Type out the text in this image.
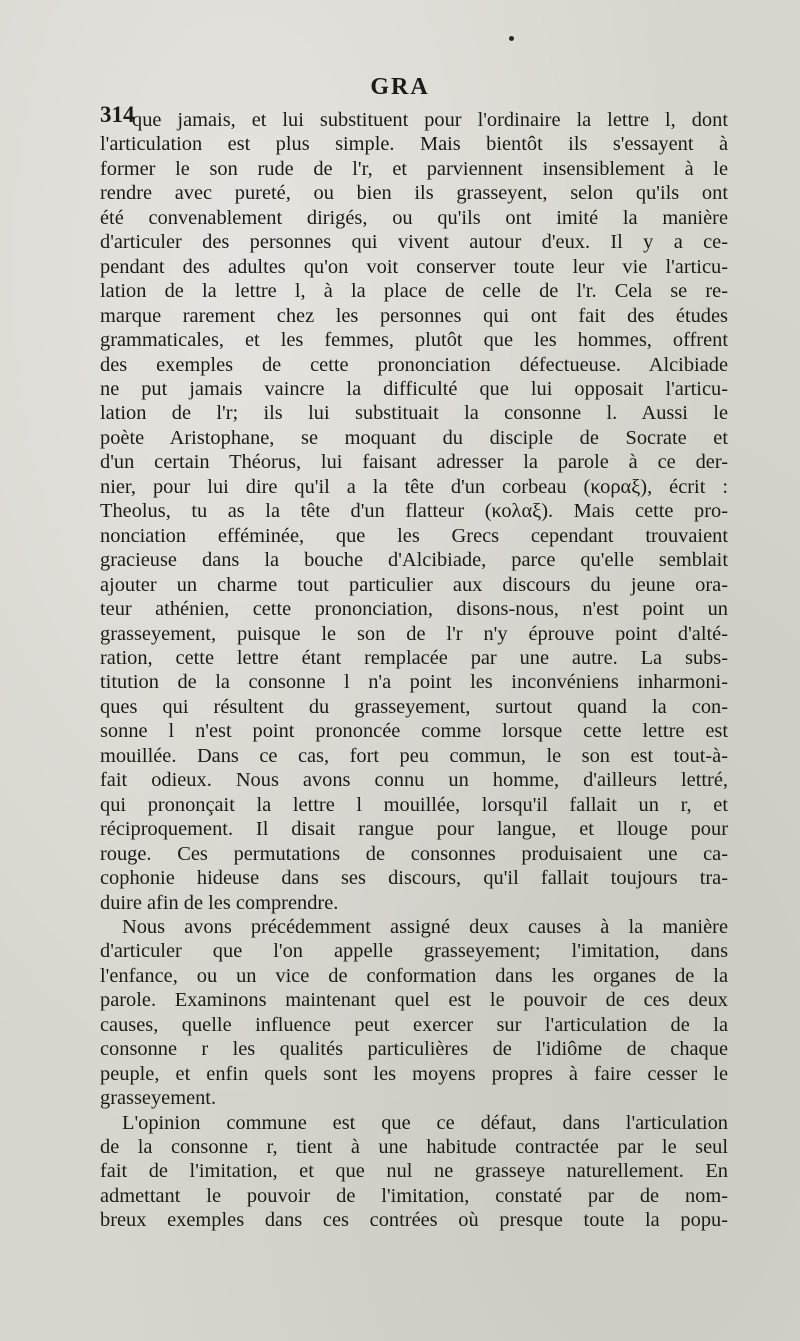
GRA
314
que jamais, et lui substituent pour l'ordinaire la lettre l, dont
l'articulation est plus simple. Mais bientôt ils s'essayent à
former le son rude de l'r, et parviennent insensiblement à le
rendre avec pureté, ou bien ils grasseyent, selon qu'ils ont
été convenablement dirigés, ou qu'ils ont imité la manière
d'articuler des personnes qui vivent autour d'eux. Il y a ce-
pendant des adultes qu'on voit conserver toute leur vie l'articu-
lation de la lettre l, à la place de celle de l'r. Cela se re-
marque rarement chez les personnes qui ont fait des études
grammaticales, et les femmes, plutôt que les hommes, offrent
des exemples de cette prononciation défectueuse. Alcibiade
ne put jamais vaincre la difficulté que lui opposait l'articu-
lation de l'r; ils lui substituait la consonne l. Aussi le
poète Aristophane, se moquant du disciple de Socrate et
d'un certain Théorus, lui faisant adresser la parole à ce der-
nier, pour lui dire qu'il a la tête d'un corbeau (κοραξ), écrit :
Theolus, tu as la tête d'un flatteur (κολαξ). Mais cette pro-
nonciation efféminée, que les Grecs cependant trouvaient
gracieuse dans la bouche d'Alcibiade, parce qu'elle semblait
ajouter un charme tout particulier aux discours du jeune ora-
teur athénien, cette prononciation, disons-nous, n'est point un
grasseyement, puisque le son de l'r n'y éprouve point d'alté-
ration, cette lettre étant remplacée par une autre. La subs-
titution de la consonne l n'a point les inconvéniens inharmoni-
ques qui résultent du grasseyement, surtout quand la con-
sonne l n'est point prononcée comme lorsque cette lettre est
mouillée. Dans ce cas, fort peu commun, le son est tout-à-
fait odieux. Nous avons connu un homme, d'ailleurs lettré,
qui prononçait la lettre l mouillée, lorsqu'il fallait un r, et
réciproquement. Il disait rangue pour langue, et llouge pour
rouge. Ces permutations de consonnes produisaient une ca-
cophonie hideuse dans ses discours, qu'il fallait toujours tra-
duire afin de les comprendre.
Nous avons précédemment assigné deux causes à la manière
d'articuler que l'on appelle grasseyement; l'imitation, dans
l'enfance, ou un vice de conformation dans les organes de la
parole. Examinons maintenant quel est le pouvoir de ces deux
causes, quelle influence peut exercer sur l'articulation de la
consonne r les qualités particulières de l'idiôme de chaque
peuple, et enfin quels sont les moyens propres à faire cesser le
grasseyement.
L'opinion commune est que ce défaut, dans l'articulation
de la consonne r, tient à une habitude contractée par le seul
fait de l'imitation, et que nul ne grasseye naturellement. En
admettant le pouvoir de l'imitation, constaté par de nom-
breux exemples dans ces contrées où presque toute la popu-
